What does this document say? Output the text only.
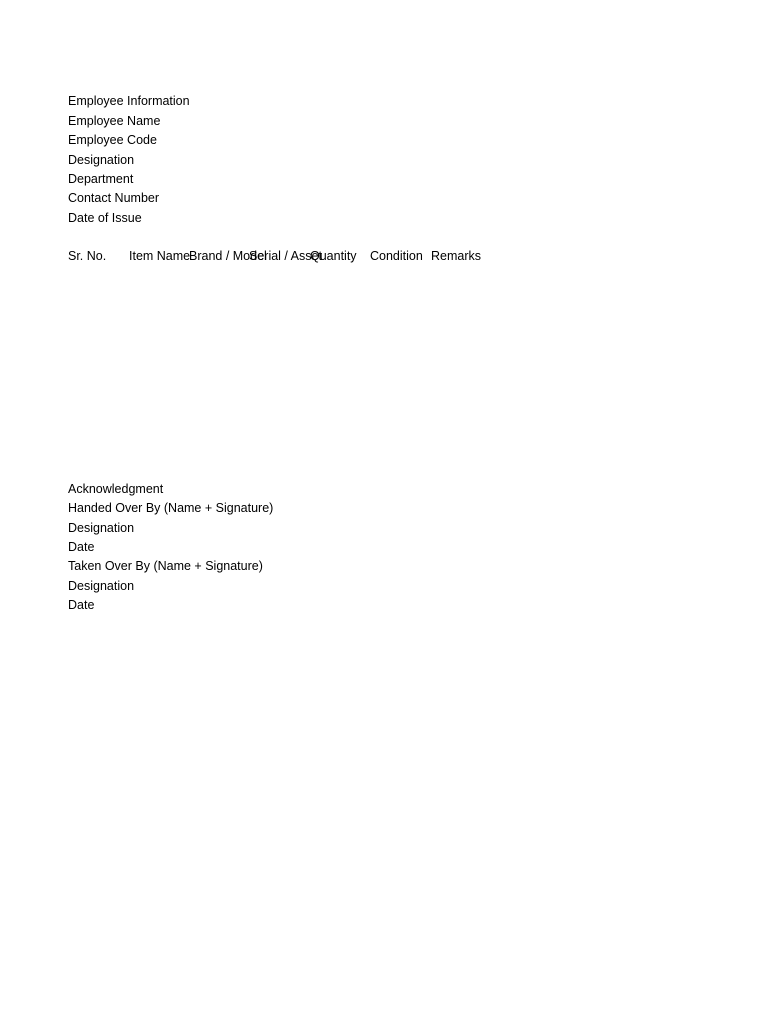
Employee Information
Employee Name
Employee Code
Designation
Department
Contact Number
Date of Issue
Sr. No.	Item Name
Brand / Model
Serial / Asset
Quantity	Condition Remarks
Acknowledgment
Handed Over By (Name + Signature)
Designation
Date
Taken Over By (Name + Signature)
Designation
Date
